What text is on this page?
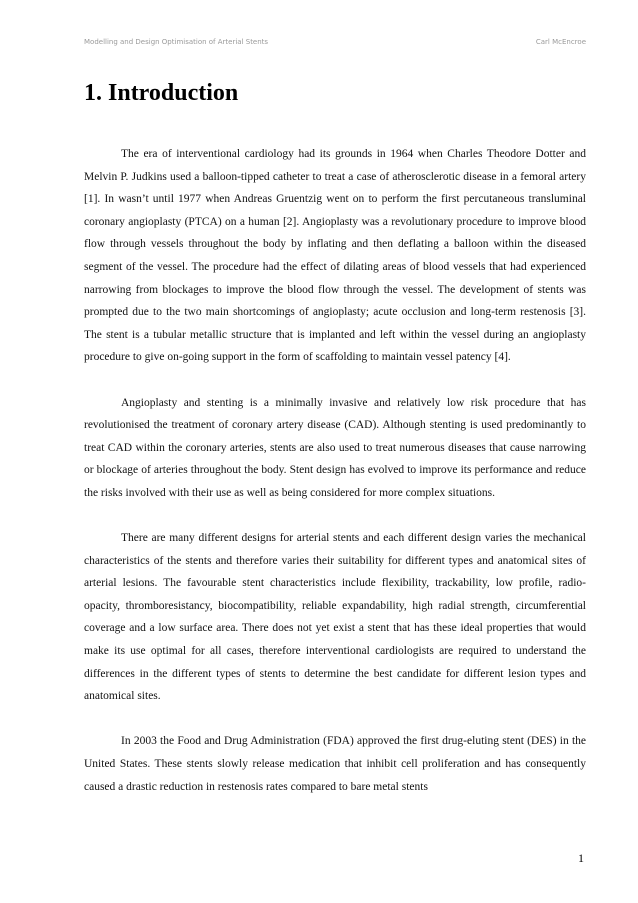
Modelling and Design Optimisation of Arterial Stents	Carl McEncroe
1. Introduction

The era of interventional cardiology had its grounds in 1964 when Charles Theodore Dotter and Melvin P. Judkins used a balloon-tipped catheter to treat a case of atherosclerotic disease in a femoral artery [1]. In wasn’t until 1977 when Andreas Gruentzig went on to perform the first percutaneous transluminal coronary angioplasty (PTCA) on a human [2]. Angioplasty was a revolutionary procedure to improve blood flow through vessels throughout the body by inflating and then deflating a balloon within the diseased segment of the vessel. The procedure had the effect of dilating areas of blood vessels that had experienced narrowing from blockages to improve the blood flow through the vessel. The development of stents was prompted due to the two main shortcomings of angioplasty; acute occlusion and long-term restenosis [3]. The stent is a tubular metallic structure that is implanted and left within the vessel during an angioplasty procedure to give on-going support in the form of scaffolding to maintain vessel patency [4].

Angioplasty and stenting is a minimally invasive and relatively low risk procedure that has revolutionised the treatment of coronary artery disease (CAD). Although stenting is used predominantly to treat CAD within the coronary arteries, stents are also used to treat numerous diseases that cause narrowing or blockage of arteries throughout the body. Stent design has evolved to improve its performance and reduce the risks involved with their use as well as being considered for more complex situations.

There are many different designs for arterial stents and each different design varies the mechanical characteristics of the stents and therefore varies their suitability for different types and anatomical sites of arterial lesions. The favourable stent characteristics include flexibility, trackability, low profile, radio-opacity, thromboresistancy, biocompatibility, reliable expandability, high radial strength, circumferential coverage and a low surface area. There does not yet exist a stent that has these ideal properties that would make its use optimal for all cases, therefore interventional cardiologists are required to understand the differences in the different types of stents to determine the best candidate for different lesion types and anatomical sites.

In 2003 the Food and Drug Administration (FDA) approved the first drug-eluting stent (DES) in the United States. These stents slowly release medication that inhibit cell proliferation and has consequently caused a drastic reduction in restenosis rates compared to bare metal stents

1
